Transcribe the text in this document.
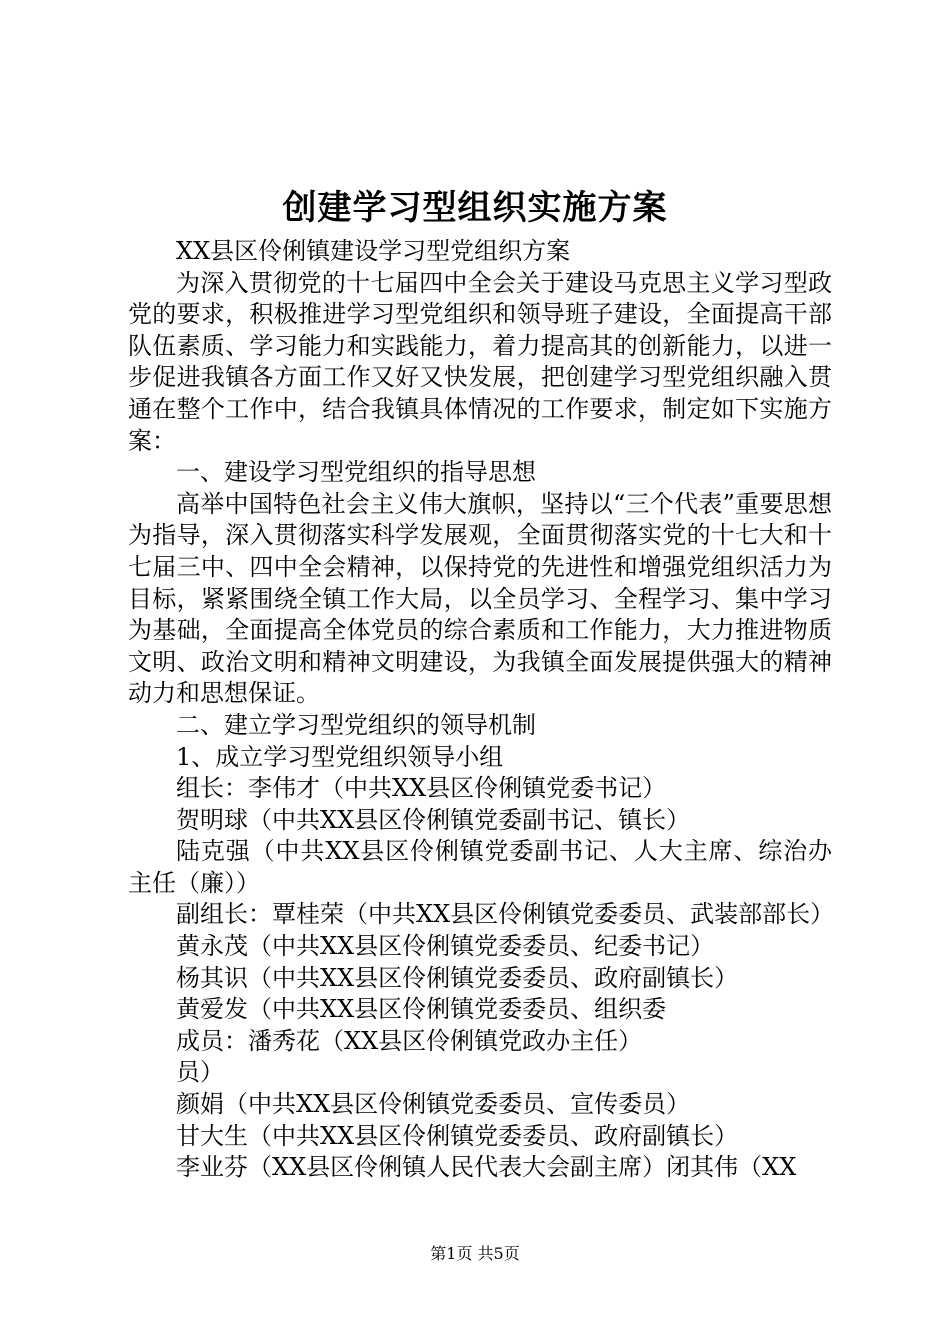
创建学习型组织实施方案

XX县区伶俐镇建设学习型党组织方案

为深入贯彻党的十七届四中全会关于建设马克思主义学习型政党的要求，积极推进学习型党组织和领导班子建设，全面提高干部队伍素质、学习能力和实践能力，着力提高其的创新能力，以进一步促进我镇各方面工作又好又快发展，把创建学习型党组织融入贯通在整个工作中，结合我镇具体情况的工作要求，制定如下实施方案：

一、建设学习型党组织的指导思想

高举中国特色社会主义伟大旗帜，坚持以“三个代表”重要思想为指导，深入贯彻落实科学发展观，全面贯彻落实党的十七大和十七届三中、四中全会精神，以保持党的先进性和增强党组织活力为目标，紧紧围绕全镇工作大局，以全员学习、全程学习、集中学习为基础，全面提高全体党员的综合素质和工作能力，大力推进物质文明、政治文明和精神文明建设，为我镇全面发展提供强大的精神动力和思想保证。

二、建立学习型党组织的领导机制

1、成立学习型党组织领导小组

组长：李伟才（中共XX县区伶俐镇党委书记）

贺明球（中共XX县区伶俐镇党委副书记、镇长）

陆克强（中共XX县区伶俐镇党委副书记、人大主席、综治办主任（廉））

副组长：覃桂荣（中共XX县区伶俐镇党委委员、武装部部长）

黄永茂（中共XX县区伶俐镇党委委员、纪委书记）

杨其识（中共XX县区伶俐镇党委委员、政府副镇长）

黄爱发（中共XX县区伶俐镇党委委员、组织委

成员：潘秀花（XX县区伶俐镇党政办主任）

员）

颜娟（中共XX县区伶俐镇党委委员、宣传委员）

甘大生（中共XX县区伶俐镇党委委员、政府副镇长）

李业芬（XX县区伶俐镇人民代表大会副主席）闭其伟（XX

第1页 共5页
